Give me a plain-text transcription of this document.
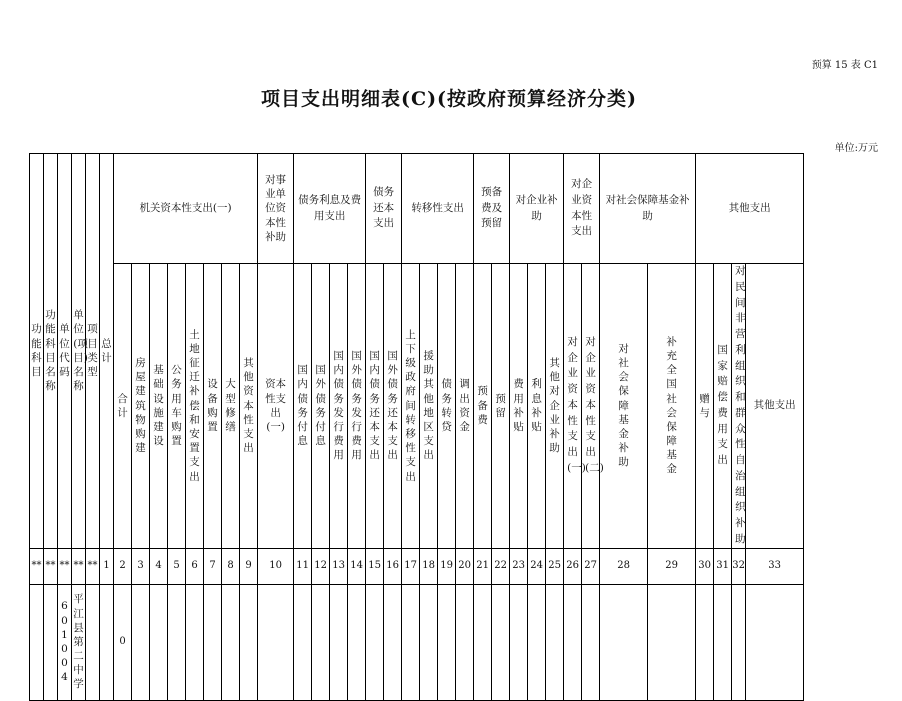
预算 15 表 C1
项目支出明细表(C)(按政府预算经济分类)
单位:万元
功能科目	功能科目名称	单位代码	单位(项目)名称	项目类型	总计	机关资本性支出(一)								对事业单位资本性补助	债务利息及费用支出				债务还本支出		转移性支出				预备费及预留		对企业补助			对企业资本性支出		对社会保障基金补助		其他支出			

						合计	房屋建筑物购建	基础设施建设	公务用车购置	土地征迁补偿和安置支出	设备购置	大型修缮	其他资本性支出	资本性支出(一)	国内债务付息	国外债务付息	国内债务发行费用	国外债务发行费用	国内债务还本支出	国外债务还本支出	上下级政府间转移性支出	援助其他地区支出	债务转贷	调出资金	预备费	预留	费用补贴	利息补贴	其他对企业补助	对企业资本性支出(一)	对企业资本性支出(二)	对社会保障基金补助	补充全国社会保障基金	赠与	国家赔偿费用支出	对民间非营利组织和群众性自治组织补助	其他支出

**	**	**	**	**	1	2	3	4	5	6	7	8	9	10	11	12	13	14	15	16	17	18	19	20	21	22	23	24	25	26	27	28	29	30	31	32	33
		601004	平江县第二中学			0																															
